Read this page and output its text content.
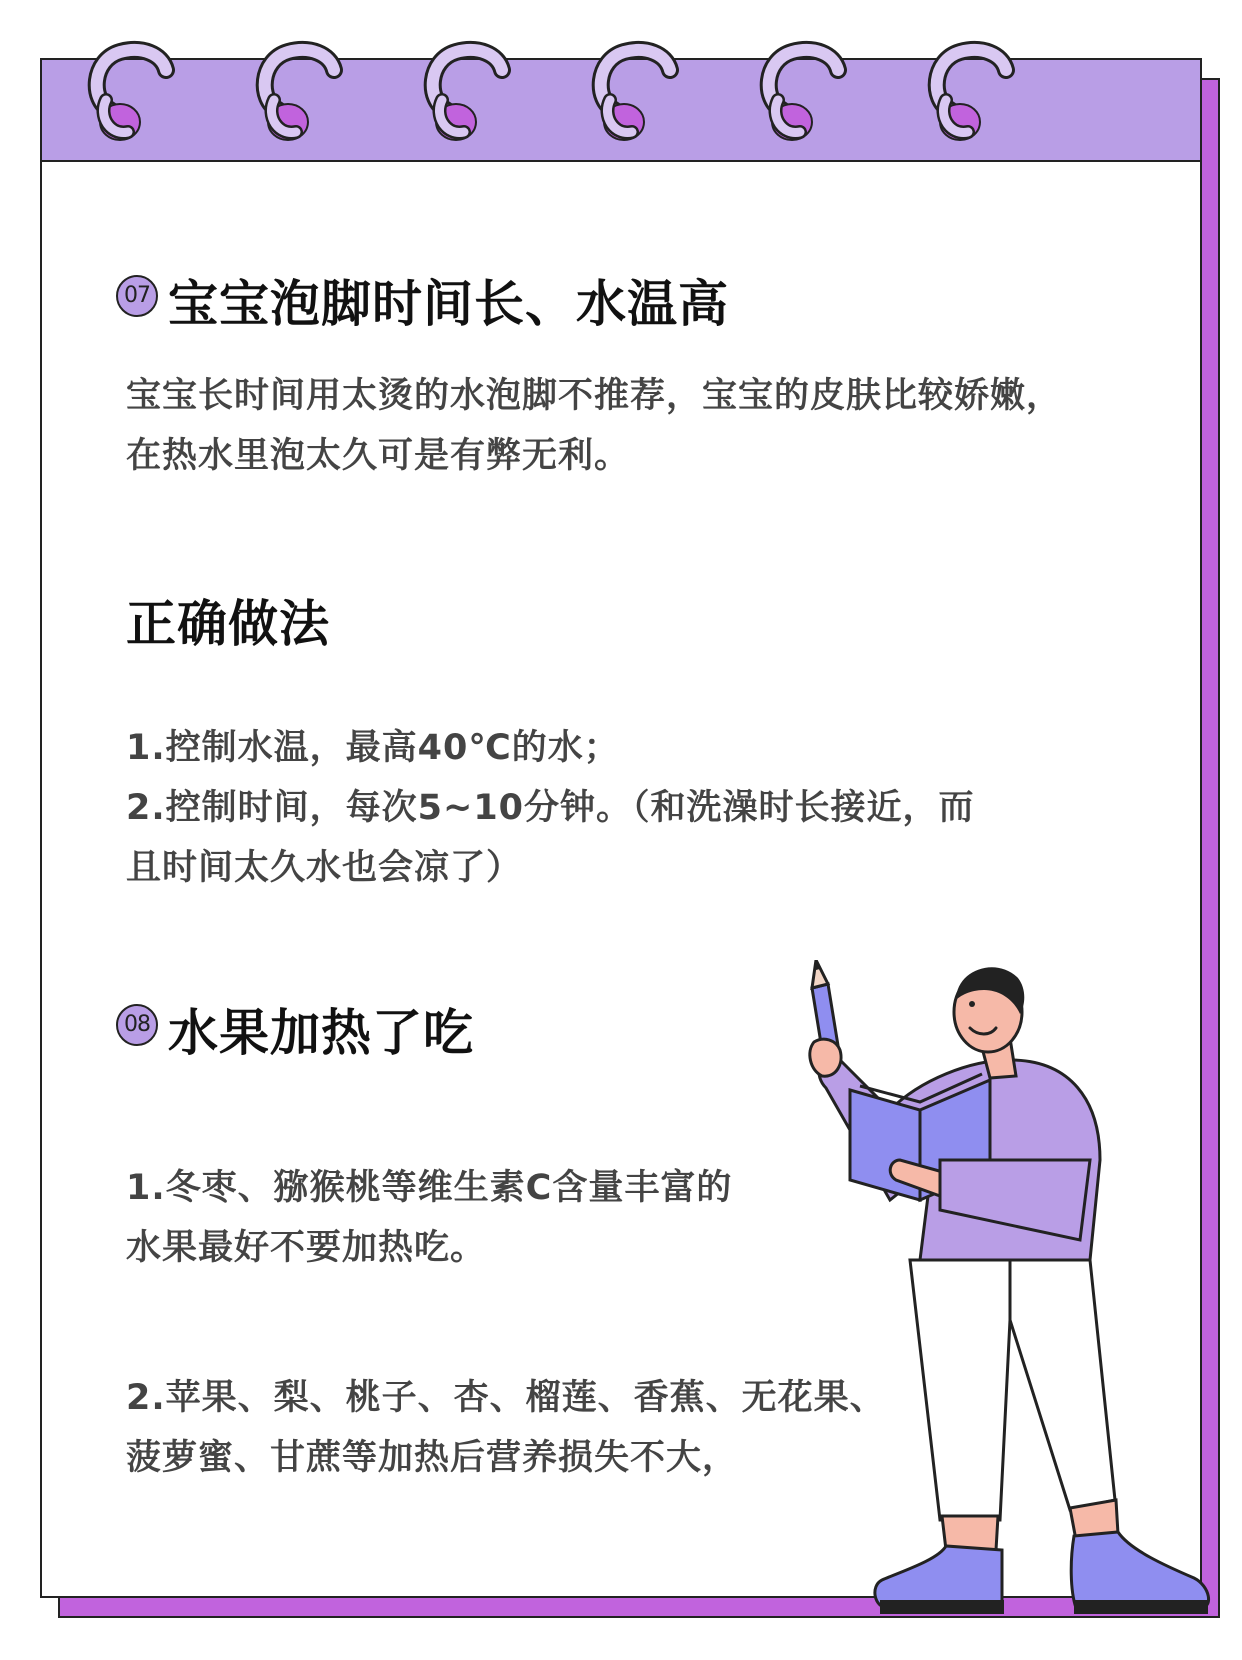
07 宝宝泡脚时间长、水温高
宝宝长时间用太烫的水泡脚不推荐，宝宝的皮肤比较娇嫩，
在热水里泡太久可是有弊无利。
正确做法
1.控制水温，最高40℃的水；
2.控制时间，每次5~10分钟。（和洗澡时长接近，而
且时间太久水也会凉了）
08 水果加热了吃
1.冬枣、猕猴桃等维生素C含量丰富的
水果最好不要加热吃。
2.苹果、梨、桃子、杏、榴莲、香蕉、无花果、
菠萝蜜、甘蔗等加热后营养损失不大，
